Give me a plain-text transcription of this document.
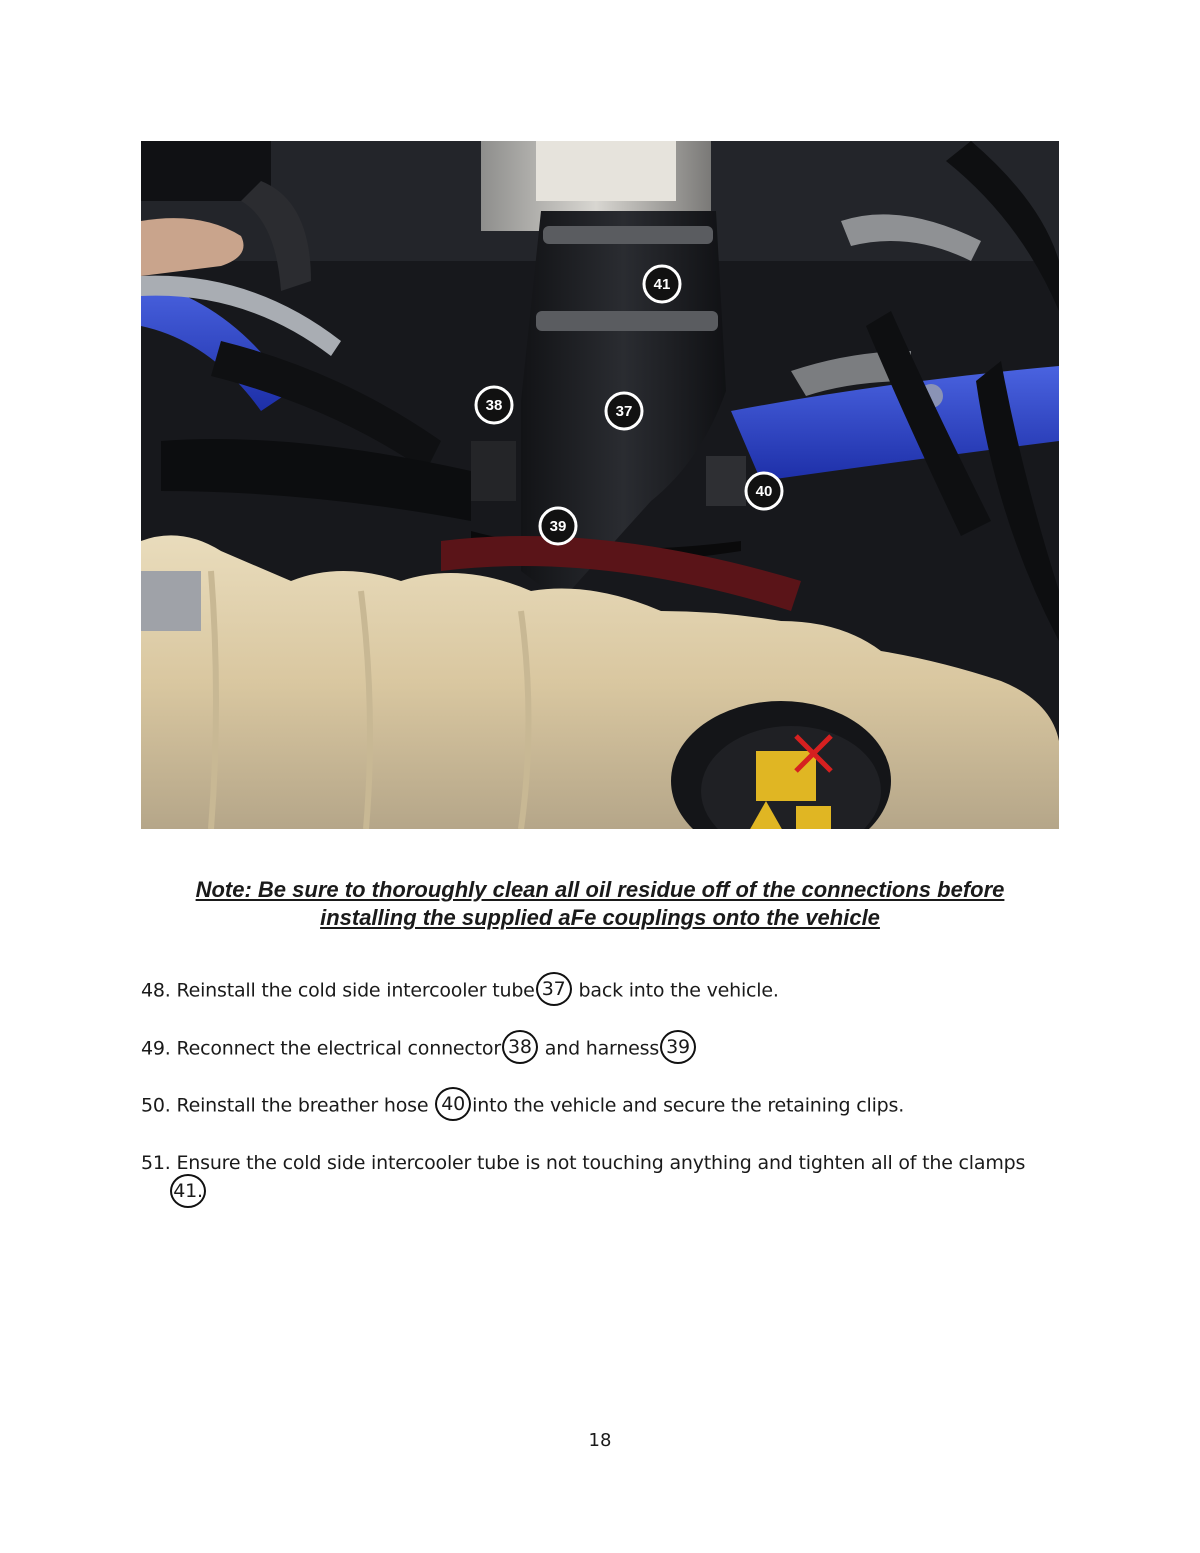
41
38	37
40
39
Note: Be sure to thoroughly clean all oil residue off of the connections before
installing the supplied aFe couplings onto the vehicle
48. Reinstall the cold side intercooler tube 37 back into the vehicle.
49. Reconnect the electrical connector 38 and harness 39
50. Reinstall the breather hose 40 into the vehicle and secure the retaining clips.
51. Ensure the cold side intercooler tube is not touching anything and tighten all of the clamps
41.
18
